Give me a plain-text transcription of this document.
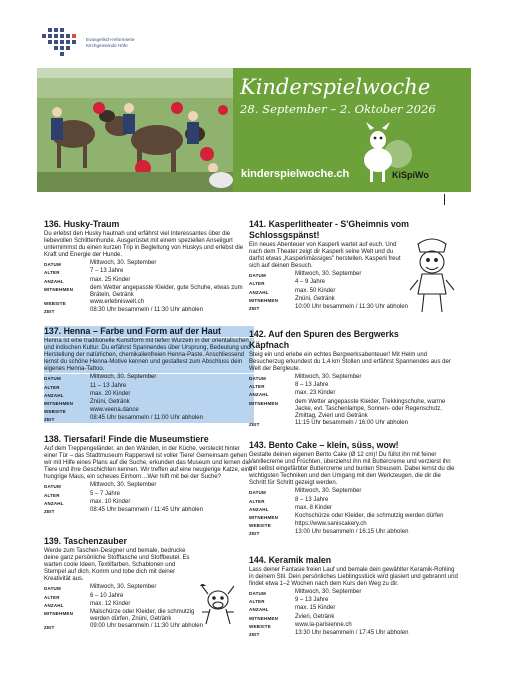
Evangelisch-reformierte
Kirchgemeinde Höfe
Kinderspielwoche
28. September – 2. Oktober 2026
kinderspielwoche.ch	KiSpiWo
136. Husky-Traum
Du erlebst den Husky hautnah und erfährst viel Interessantes über die liebevollen Schlittenhunde. Ausgerüstet mit einem speziellen Anseilgurt unternimmst du einen kurzen Trip in Begleitung von Huskys und erlebst die Kraft und Energie der Hunde.
DATUM	Mittwoch, 30. September
ALTER	7 – 13 Jahre
ANZAHL	max. 25 Kinder
MITNEHMEN	dem Wetter angepasste Kleider, gute Schuhe, etwas zum Bräteln, Getränk
WEBSITE	www.erlebniswelt.ch
ZEIT	08:30 Uhr besammeln / 11:30 Uhr abholen
137. Henna – Farbe und Form auf der Haut
Henna ist eine traditionelle Kunstform mit tiefen Wurzeln in der orientalischen und indischen Kultur. Du erfährst Spannendes über Ursprung, Bedeutung und Herstellung der natürlichen, chemikalienfreien Henna-Paste. Anschliessend lernst du schöne Henna-Motive kennen und gestaltest zum Abschluss dein eigenes Henna-Tattoo.
DATUM	Mittwoch, 30. September
ALTER	11 – 13 Jahre
ANZAHL	max. 20 Kinder
MITNEHMEN	Znüni, Getränk
WEBSITE	www.veena.dance
ZEIT	08:45 Uhr besammeln / 11:00 Uhr abholen
138. Tiersafari! Finde die Museumstiere
Auf dem Treppengeländer, an den Wänden, in der Küche, versteckt hinter einer Tür – das Stadtmuseum Rapperswil ist voller Tiere! Gemeinsam gehen wir mit Hilfe eines Plans auf die Suche, erkunden das Museum und lernen die Tiere und ihre Geschichten kennen. Wir treffen auf eine neugierige Katze, eine hungrige Maus, ein scheues Einhorn…Wer hilft mit bei der Suche?
DATUM	Mittwoch, 30. September
ALTER	5 – 7 Jahre
ANZAHL	max. 10 Kinder
ZEIT	08:45 Uhr besammeln / 11:45 Uhr abholen
139. Taschenzauber
Werde zum Taschen-Designer und bemale, bedrucke deine ganz persönliche Stofftasche und Stoffbeutel. Es warten coole Ideen, Textilfarben, Schablonen und Stempel auf dich. Komm und tobe dich mit deiner Kreativität aus.
DATUM	Mittwoch, 30. September
ALTER	6 – 10 Jahre
ANZAHL	max. 12 Kinder
MITNEHMEN	Malschürze oder Kleider, die schmutzig werden dürfen, Znüni, Getränk
ZEIT	09:00 Uhr besammeln / 11:30 Uhr abholen
141. Kasperlitheater - S'Gheimnis vom Schlossgspänst!
Ein neues Abenteuer von Kasperli wartet auf euch. Und nach dem Theater zeigt dir Kasperli seine Welt und du darfst etwas „Kasperlimässiges" herstellen. Kasperli freut sich auf deinen Besuch.
DATUM	Mittwoch, 30. September
ALTER	4 – 9 Jahre
ANZAHL	max. 50 Kinder
MITNEHMEN	Znüni, Getränk
ZEIT	10:00 Uhr besammeln / 11:30 Uhr abholen
142. Auf den Spuren des Bergwerks Käpfnach
Steig ein und erlebe ein echtes Bergwerksabenteuer! Mit Helm und Besucherzug erkundest du 1,4 km Stollen und erfährst Spannendes aus der Welt der Bergleute.
DATUM	Mittwoch, 30. September
ALTER	8 – 13 Jahre
ANZAHL	max. 23 Kinder
MITNEHMEN	dem Wetter angepasste Kleider, Trekkingschuhe, warme Jacke, evt. Taschenlampe, Sonnen- oder Regenschutz, Zmittag, Zvieri und Getränk
ZEIT	11:15 Uhr besammeln / 16:00 Uhr abholen
143. Bento Cake – klein, süss, wow!
Gestalte deinen eigenen Bento Cake (Ø 12 cm)! Du füllst ihn mit feiner Vanillecreme und Früchten, überziehst ihn mit Buttercreme und verzierst ihn mit selbst eingefärbter Buttercreme und bunten Streuseln. Dabei lernst du die wichtigsten Techniken und den Umgang mit den Werkzeugen, die dir die Schritt für Schritt gezeigt werden.
DATUM	Mittwoch, 30. September
ALTER	8 – 13 Jahre
ANZAHL	max. 8 Kinder
MITNEHMEN	Kochschürze oder Kleider, die schmutzig werden dürfen
WEBSITE	https://www.saniscakery.ch
ZEIT	13:00 Uhr besammeln / 16:15 Uhr abholen
144. Keramik malen
Lass deiner Fantasie freien Lauf und bemale dein gewählter Keramik-Rohling in deinem Stil. Dein persönliches Lieblingsstück wird glasiert und gebrannt und findet etwa 1–2 Wochen nach dem Kurs den Weg zu dir.
DATUM	Mittwoch, 30. September
ALTER	9 – 13 Jahre
ANZAHL	max. 15 Kinder
MITNEHMEN	Zvieri, Getränk
WEBSITE	www.la-parisienne.ch
ZEIT	13:30 Uhr besammeln / 17:45 Uhr abholen
